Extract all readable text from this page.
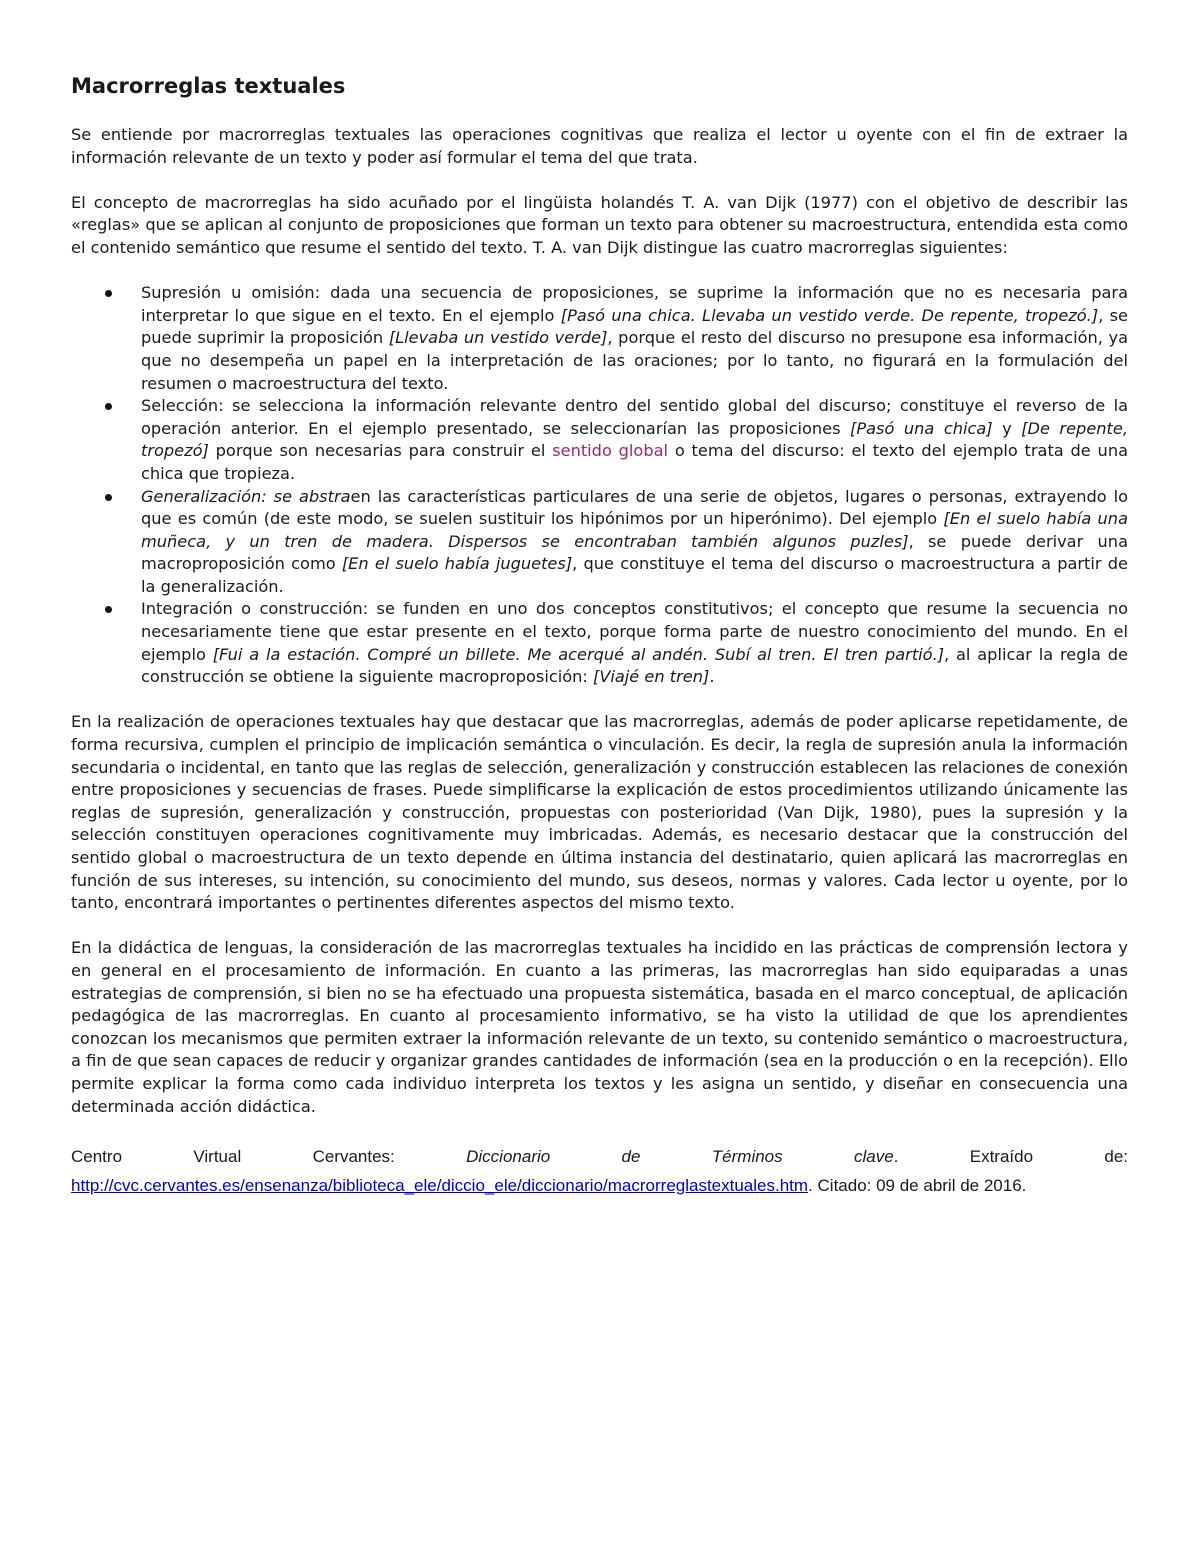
Macrorreglas textuales

Se entiende por macrorreglas textuales las operaciones cognitivas que realiza el lector u oyente con el fin de extraer la información relevante de un texto y poder así formular el tema del que trata.

El concepto de macrorreglas ha sido acuñado por el lingüista holandés T. A. van Dijk (1977) con el objetivo de describir las «reglas» que se aplican al conjunto de proposiciones que forman un texto para obtener su macroestructura, entendida esta como el contenido semántico que resume el sentido del texto. T. A. van Dijk distingue las cuatro macrorreglas siguientes:

Supresión u omisión: dada una secuencia de proposiciones, se suprime la información que no es necesaria para interpretar lo que sigue en el texto. En el ejemplo [Pasó una chica. Llevaba un vestido verde. De repente, tropezó.], se puede suprimir la proposición [Llevaba un vestido verde], porque el resto del discurso no presupone esa información, ya que no desempeña un papel en la interpretación de las oraciones; por lo tanto, no figurará en la formulación del resumen o macroestructura del texto.
Selección: se selecciona la información relevante dentro del sentido global del discurso; constituye el reverso de la operación anterior. En el ejemplo presentado, se seleccionarían las proposiciones [Pasó una chica] y [De repente, tropezó] porque son necesarias para construir el sentido global o tema del discurso: el texto del ejemplo trata de una chica que tropieza.
Generalización: se abstraen las características particulares de una serie de objetos, lugares o personas, extrayendo lo que es común (de este modo, se suelen sustituir los hipónimos por un hiperónimo). Del ejemplo [En el suelo había una muñeca, y un tren de madera. Dispersos se encontraban también algunos puzles], se puede derivar una macroproposición como [En el suelo había juguetes], que constituye el tema del discurso o macroestructura a partir de la generalización.
Integración o construcción: se funden en uno dos conceptos constitutivos; el concepto que resume la secuencia no necesariamente tiene que estar presente en el texto, porque forma parte de nuestro conocimiento del mundo. En el ejemplo [Fui a la estación. Compré un billete. Me acerqué al andén. Subí al tren. El tren partió.], al aplicar la regla de construcción se obtiene la siguiente macroproposición: [Viajé en tren].

En la realización de operaciones textuales hay que destacar que las macrorreglas, además de poder aplicarse repetidamente, de forma recursiva, cumplen el principio de implicación semántica o vinculación. Es decir, la regla de supresión anula la información secundaria o incidental, en tanto que las reglas de selección, generalización y construcción establecen las relaciones de conexión entre proposiciones y secuencias de frases. Puede simplificarse la explicación de estos procedimientos utilizando únicamente las reglas de supresión, generalización y construcción, propuestas con posterioridad (Van Dijk, 1980), pues la supresión y la selección constituyen operaciones cognitivamente muy imbricadas. Además, es necesario destacar que la construcción del sentido global o macroestructura de un texto depende en última instancia del destinatario, quien aplicará las macrorreglas en función de sus intereses, su intención, su conocimiento del mundo, sus deseos, normas y valores. Cada lector u oyente, por lo tanto, encontrará importantes o pertinentes diferentes aspectos del mismo texto.

En la didáctica de lenguas, la consideración de las macrorreglas textuales ha incidido en las prácticas de comprensión lectora y en general en el procesamiento de información. En cuanto a las primeras, las macrorreglas han sido equiparadas a unas estrategias de comprensión, si bien no se ha efectuado una propuesta sistemática, basada en el marco conceptual, de aplicación pedagógica de las macrorreglas. En cuanto al procesamiento informativo, se ha visto la utilidad de que los aprendientes conozcan los mecanismos que permiten extraer la información relevante de un texto, su contenido semántico o macroestructura, a fin de que sean capaces de reducir y organizar grandes cantidades de información (sea en la producción o en la recepción). Ello permite explicar la forma como cada individuo interpreta los textos y les asigna un sentido, y diseñar en consecuencia una determinada acción didáctica.

Centro Virtual Cervantes: Diccionario de Términos clave. Extraído de:
http://cvc.cervantes.es/ensenanza/biblioteca_ele/diccio_ele/diccionario/macrorreglastextuales.htm. Citado: 09 de abril de 2016.
